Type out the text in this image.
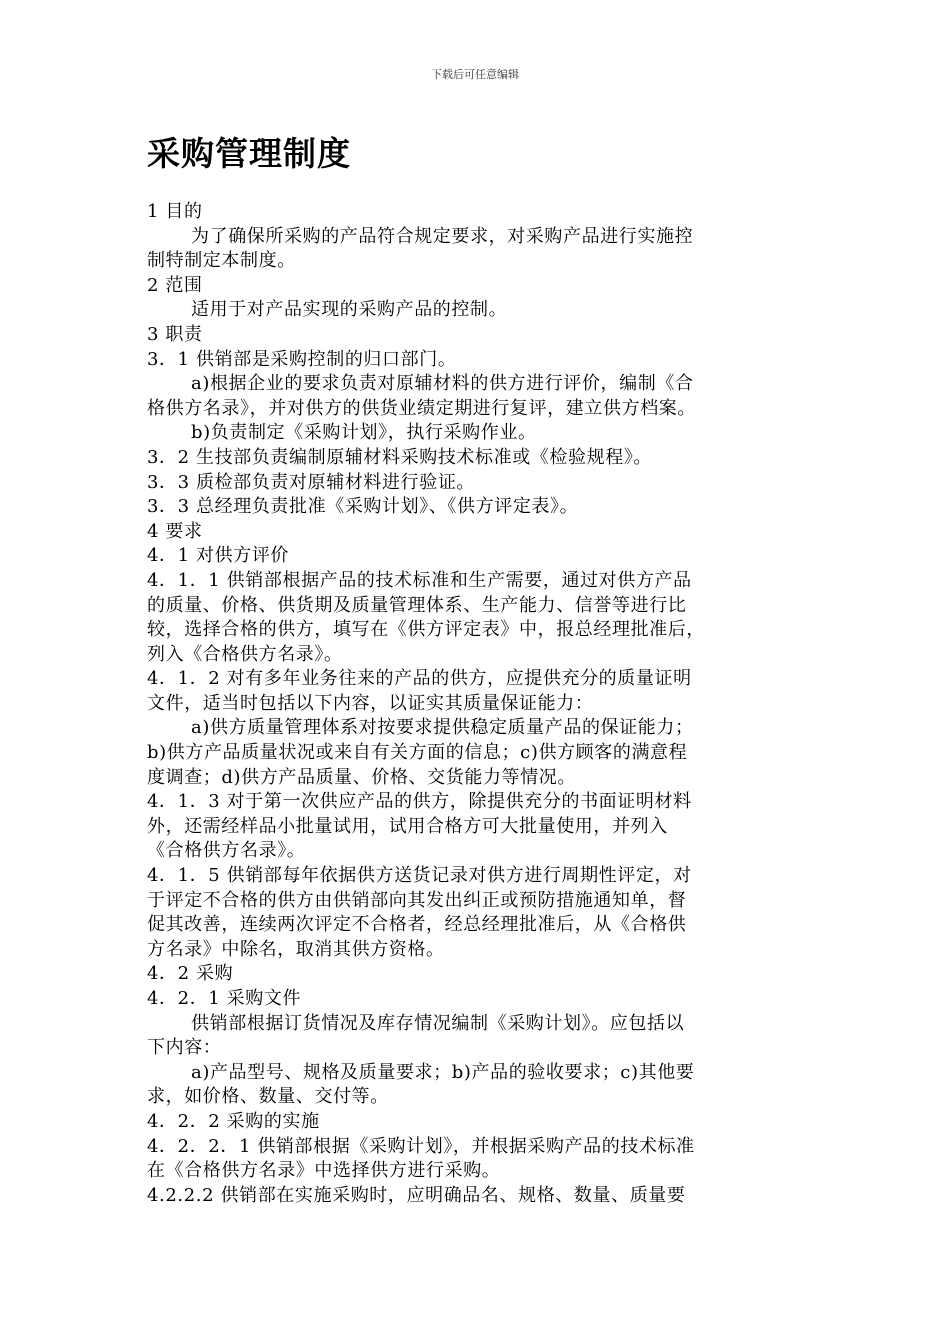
下载后可任意编辑
采购管理制度
1 目的
为了确保所采购的产品符合规定要求，对采购产品进行实施控
制特制定本制度。
2 范围
适用于对产品实现的采购产品的控制。
3 职责
3．1 供销部是采购控制的归口部门。
a)根据企业的要求负责对原辅材料的供方进行评价，编制《合
格供方名录》，并对供方的供货业绩定期进行复评，建立供方档案。
b)负责制定《采购计划》，执行采购作业。
3．2 生技部负责编制原辅材料采购技术标准或《检验规程》。
3．3 质检部负责对原辅材料进行验证。
3．3 总经理负责批准《采购计划》、《供方评定表》。
4 要求
4．1 对供方评价
4．1．1 供销部根据产品的技术标准和生产需要，通过对供方产品
的质量、价格、供货期及质量管理体系、生产能力、信誉等进行比
较，选择合格的供方，填写在《供方评定表》中，报总经理批准后，
列入《合格供方名录》。
4．1．2 对有多年业务往来的产品的供方，应提供充分的质量证明
文件，适当时包括以下内容，以证实其质量保证能力：
a)供方质量管理体系对按要求提供稳定质量产品的保证能力；
b)供方产品质量状况或来自有关方面的信息；c)供方顾客的满意程
度调查；d)供方产品质量、价格、交货能力等情况。
4．1．3 对于第一次供应产品的供方，除提供充分的书面证明材料
外，还需经样品小批量试用，试用合格方可大批量使用，并列入
《合格供方名录》。
4．1．5 供销部每年依据供方送货记录对供方进行周期性评定，对
于评定不合格的供方由供销部向其发出纠正或预防措施通知单，督
促其改善，连续两次评定不合格者，经总经理批准后，从《合格供
方名录》中除名，取消其供方资格。
4．2 采购
4．2．1 采购文件
供销部根据订货情况及库存情况编制《采购计划》。应包括以
下内容：
a)产品型号、规格及质量要求；b)产品的验收要求；c)其他要
求，如价格、数量、交付等。
4．2．2 采购的实施
4．2．2．1 供销部根据《采购计划》，并根据采购产品的技术标准
在《合格供方名录》中选择供方进行采购。
4.2.2.2 供销部在实施采购时，应明确品名、规格、数量、质量要
